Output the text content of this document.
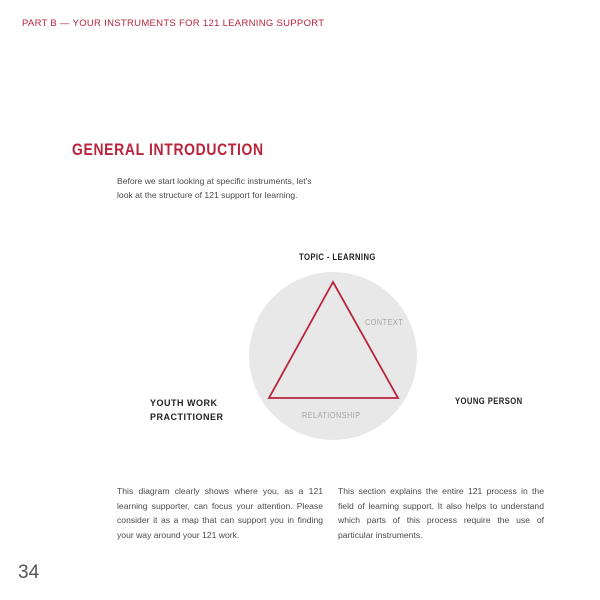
PART B — YOUR INSTRUMENTS FOR 121 LEARNING SUPPORT
GENERAL INTRODUCTION

Before we start looking at specific instruments, let's look at the structure of 121 support for learning.

TOPIC - LEARNING
YOUTH WORK
PRACTITIONER
YOUNG PERSON
CONTEXT
RELATIONSHIP

This diagram clearly shows where you, as a 121 learning supporter, can focus your attention. Please consider it as a map that can support you in finding your way around your 121 work.

This section explains the entire 121 process in the field of learning support. It also helps to understand which parts of this process require the use of particular instruments.

34
